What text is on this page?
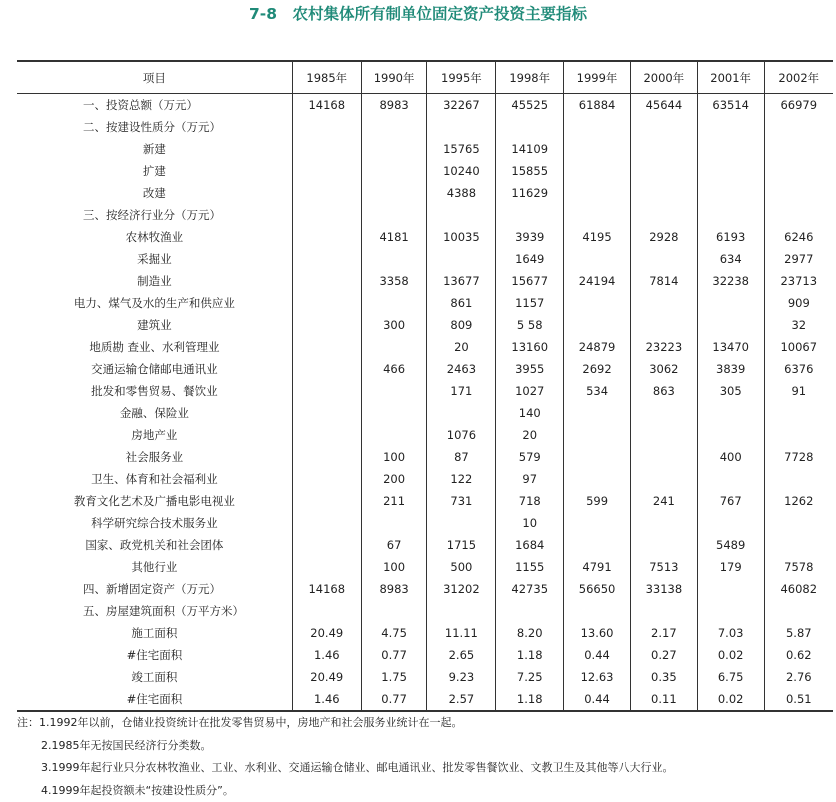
7-8　农村集体所有制单位固定资产投资主要指标
项目	1985年	1990年	1995年	1998年	1999年	2000年	2001年	2002年
一、投资总额（万元）	14168	8983	32267	45525	61884	45644	63514	66979
二、按建设性质分（万元）								
新建			15765	14109				
扩建			10240	15855				
改建			4388	11629				
三、按经济行业分（万元）								
农林牧渔业		4181	10035	3939	4195	2928	6193	6246
采掘业				1649			634	2977
制造业		3358	13677	15677	24194	7814	32238	23713
电力、煤气及水的生产和供应业			861	1157				909
建筑业		300	809	5 58				32
地质勘 查业、水利管理业			20	13160	24879	23223	13470	10067
交通运输仓储邮电通讯业		466	2463	3955	2692	3062	3839	6376
批发和零售贸易、餐饮业			171	1027	534	863	305	91
金融、保险业				140				
房地产业			1076	20				
社会服务业		100	87	579			400	7728
卫生、体育和社会福利业		200	122	97				
教育文化艺术及广播电影电视业		211	731	718	599	241	767	1262
科学研究综合技术服务业				10				
国家、政党机关和社会团体		67	1715	1684			5489	
其他行业		100	500	1155	4791	7513	179	7578
四、新增固定资产（万元）	14168	8983	31202	42735	56650	33138		46082
五、房屋建筑面积（万平方米）								
施工面积	20.49	4.75	11.11	8.20	13.60	2.17	7.03	5.87
#住宅面积	1.46	0.77	2.65	1.18	0.44	0.27	0.02	0.62
竣工面积	20.49	1.75	9.23	7.25	12.63	0.35	6.75	2.76
#住宅面积	1.46	0.77	2.57	1.18	0.44	0.11	0.02	0.51
注：1.1992年以前，仓储业投资统计在批发零售贸易中，房地产和社会服务业统计在一起。
2.1985年无按国民经济行分类数。
3.1999年起行业只分农林牧渔业、工业、水利业、交通运输仓储业、邮电通讯业、批发零售餐饮业、文教卫生及其他等八大行业。
4.1999年起投资额未“按建设性质分”。
